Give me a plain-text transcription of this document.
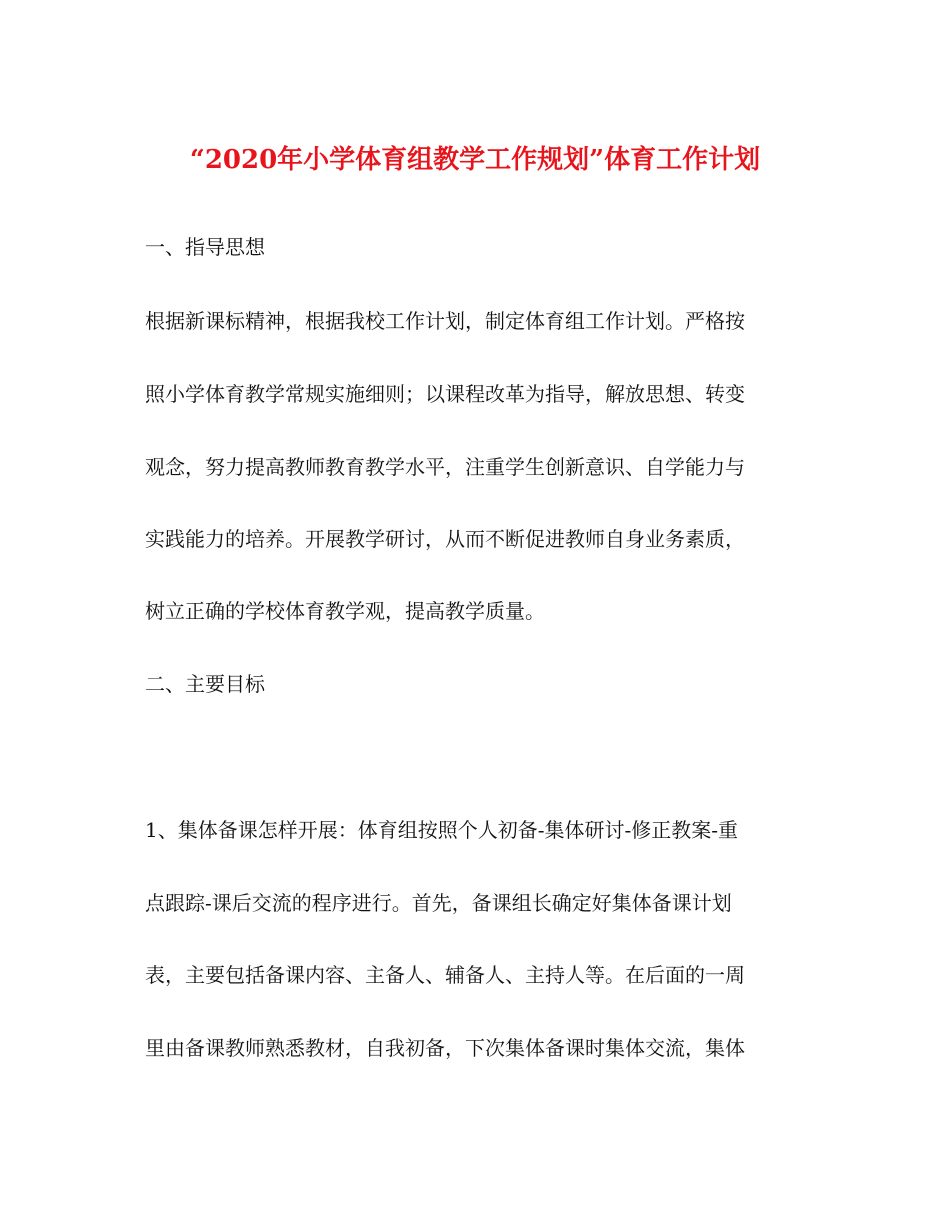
“2020年小学体育组教学工作规划”体育工作计划
一、指导思想
根据新课标精神，根据我校工作计划，制定体育组工作计划。严格按
照小学体育教学常规实施细则；以课程改革为指导，解放思想、转变
观念，努力提高教师教育教学水平，注重学生创新意识、自学能力与
实践能力的培养。开展教学研讨，从而不断促进教师自身业务素质，
树立正确的学校体育教学观，提高教学质量。
二、主要目标
1、集体备课怎样开展：体育组按照个人初备-集体研讨-修正教案-重
点跟踪-课后交流的程序进行。首先，备课组长确定好集体备课计划
表，主要包括备课内容、主备人、辅备人、主持人等。在后面的一周
里由备课教师熟悉教材，自我初备，下次集体备课时集体交流，集体
